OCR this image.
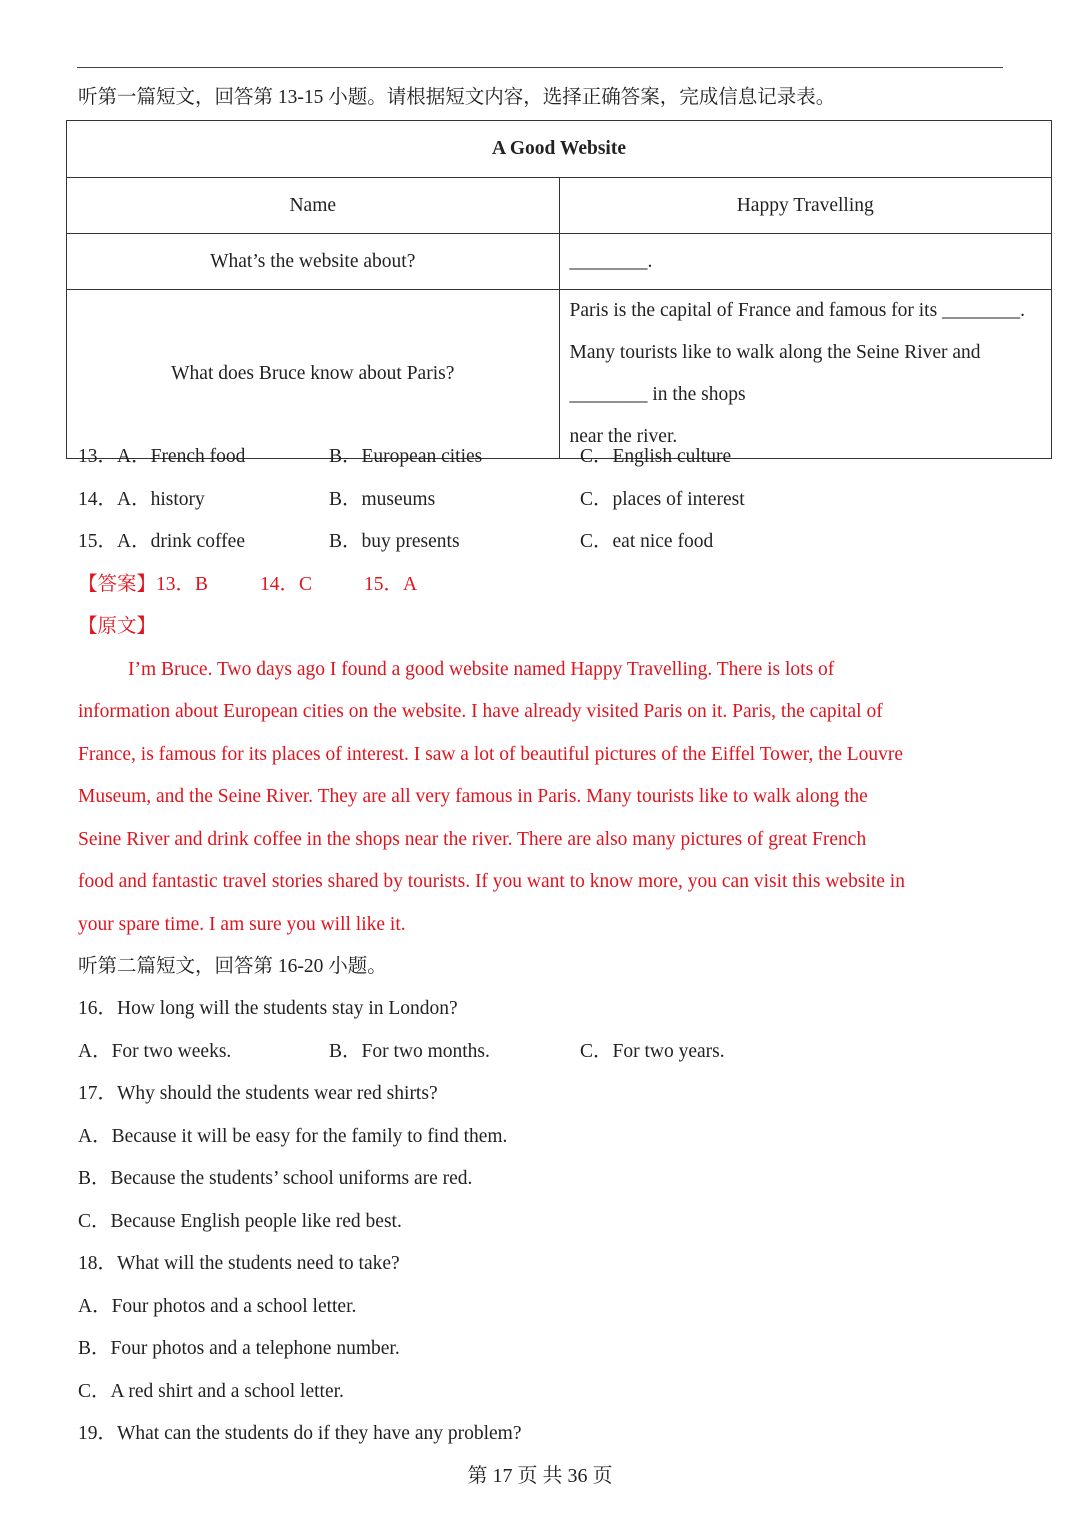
听第一篇短文，回答第 13-15 小题。请根据短文内容，选择正确答案，完成信息记录表。
A Good Website	
Name	Happy Travelling
What’s the website about?	________.
What does Bruce know about Paris?	Paris is the capital of France and famous for its ________.
Many tourists like to walk along the Seine River and ________ in the shops
near the river.
13．A．French food	B．European cities	C．English culture
14．A．history	B．museums	C．places of interest
15．A．drink coffee	B．buy presents	C．eat nice food
【答案】13．B	14．C	15．A
【原文】
I’m Bruce. Two days ago I found a good website named Happy Travelling. There is lots of
information about European cities on the website. I have already visited Paris on it. Paris, the capital of
France, is famous for its places of interest. I saw a lot of beautiful pictures of the Eiffel Tower, the Louvre
Museum, and the Seine River. They are all very famous in Paris. Many tourists like to walk along the
Seine River and drink coffee in the shops near the river. There are also many pictures of great French
food and fantastic travel stories shared by tourists. If you want to know more, you can visit this website in
your spare time. I am sure you will like it.
听第二篇短文，回答第 16-20 小题。
16．How long will the students stay in London?
A．For two weeks.	B．For two months.	C．For two years.
17．Why should the students wear red shirts?
A．Because it will be easy for the family to find them.
B．Because the students’ school uniforms are red.
C．Because English people like red best.
18．What will the students need to take?
A．Four photos and a school letter.
B．Four photos and a telephone number.
C．A red shirt and a school letter.
19．What can the students do if they have any problem?
第 17 页 共 36 页
